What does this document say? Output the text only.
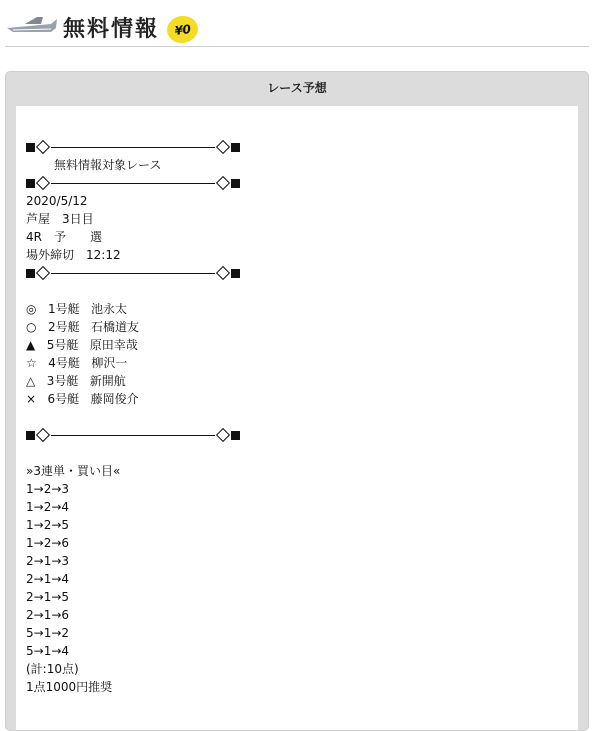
無料情報	¥0
レース予想
無料情報対象レース
2020/5/12
芦屋　3日目
4R　予　　選
場外締切　12:12
◎ 1号艇 池永太
○ 2号艇 石橋道友
▲ 5号艇 原田幸哉
☆ 4号艇 柳沢一
△ 3号艇 新開航
× 6号艇 藤岡俊介
»3連単・買い目«
1→2→3
1→2→4
1→2→5
1→2→6
2→1→3
2→1→4
2→1→5
2→1→6
5→1→2
5→1→4
(計:10点)
1点1000円推奨
